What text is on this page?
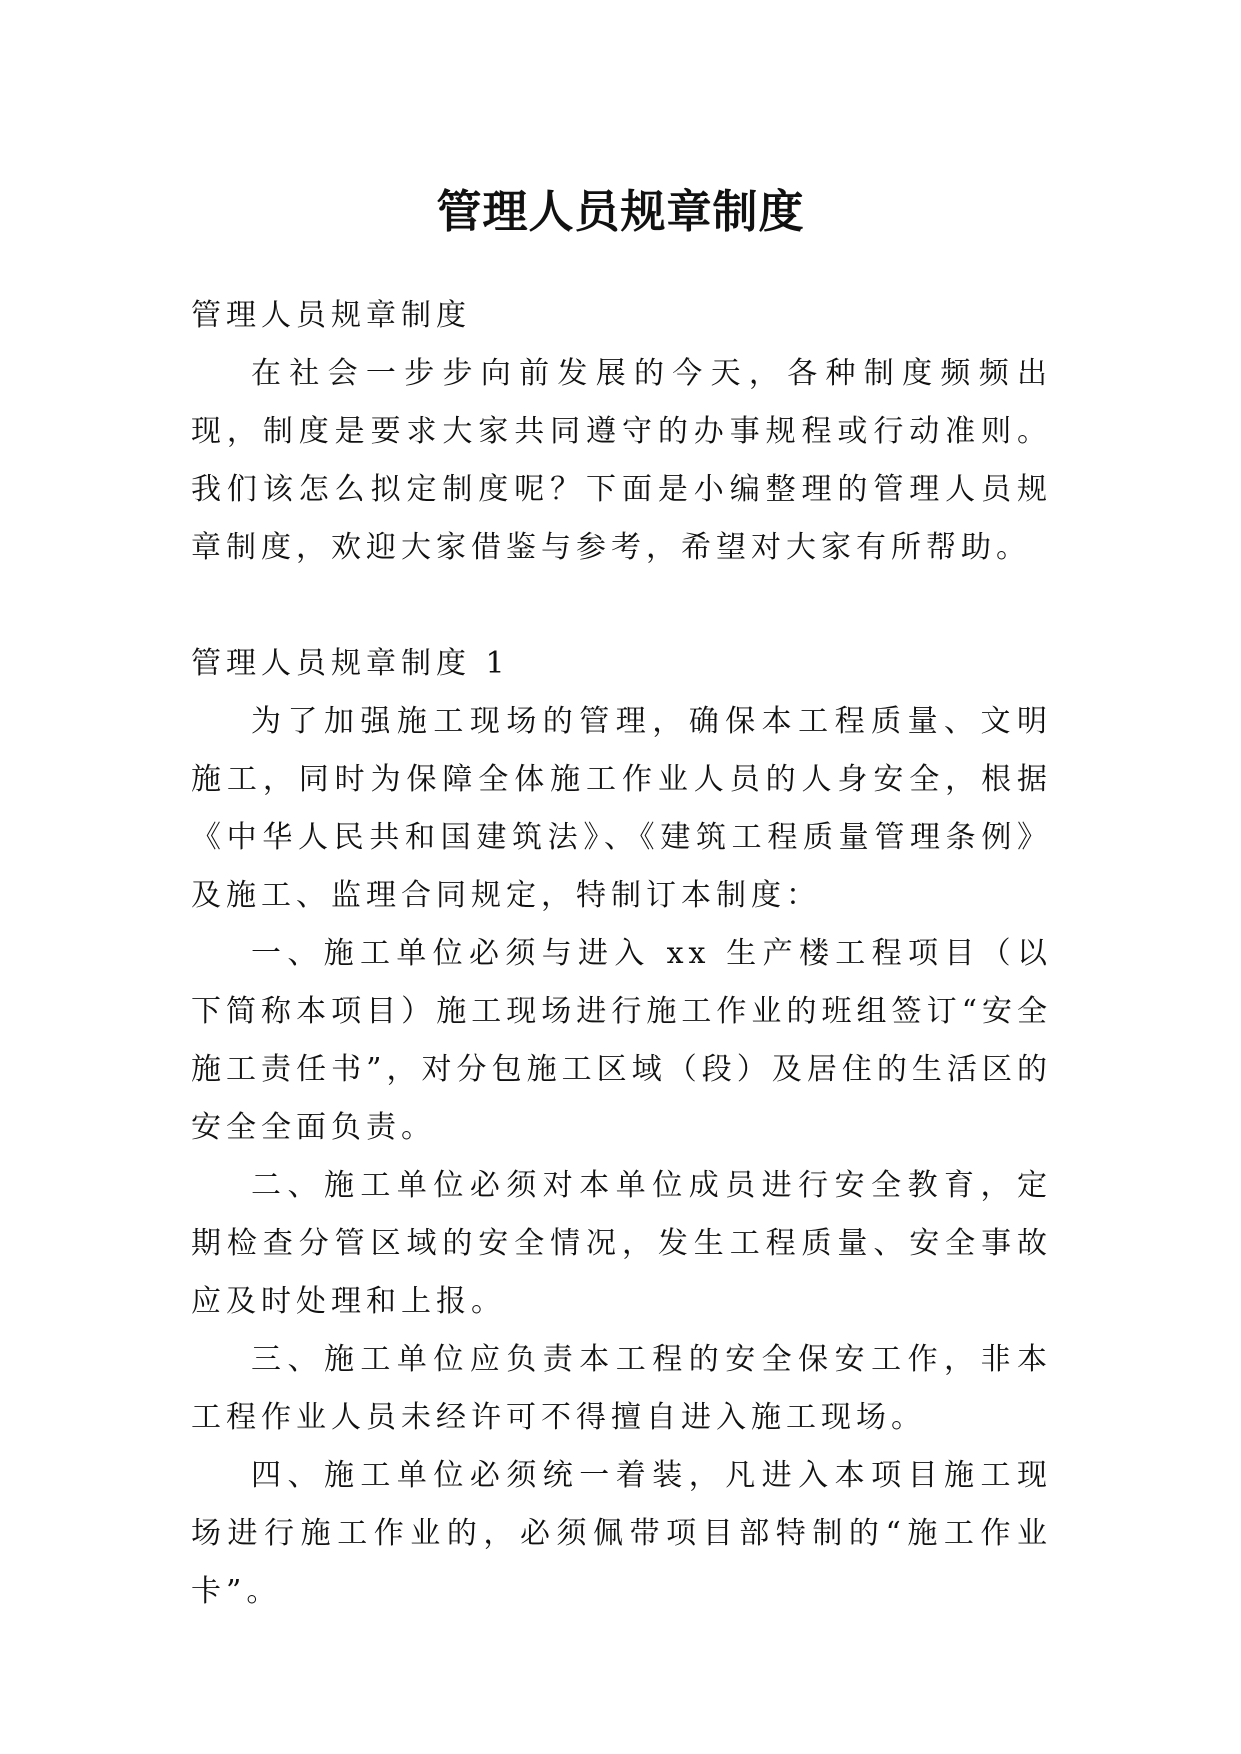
管理人员规章制度

管理人员规章制度

在社会一步步向前发展的今天，各种制度频频出现，制度是要求大家共同遵守的办事规程或行动准则。我们该怎么拟定制度呢？下面是小编整理的管理人员规章制度，欢迎大家借鉴与参考，希望对大家有所帮助。

管理人员规章制度 1

为了加强施工现场的管理，确保本工程质量、文明施工，同时为保障全体施工作业人员的人身安全，根据《中华人民共和国建筑法》、《建筑工程质量管理条例》及施工、监理合同规定，特制订本制度：

一、施工单位必须与进入 xx 生产楼工程项目（以下简称本项目）施工现场进行施工作业的班组签订“安全施工责任书”，对分包施工区域（段）及居住的生活区的安全全面负责。

二、施工单位必须对本单位成员进行安全教育，定期检查分管区域的安全情况，发生工程质量、安全事故应及时处理和上报。

三、施工单位应负责本工程的安全保安工作，非本工程作业人员未经许可不得擅自进入施工现场。

四、施工单位必须统一着装，凡进入本项目施工现场进行施工作业的，必须佩带项目部特制的“施工作业卡”。
